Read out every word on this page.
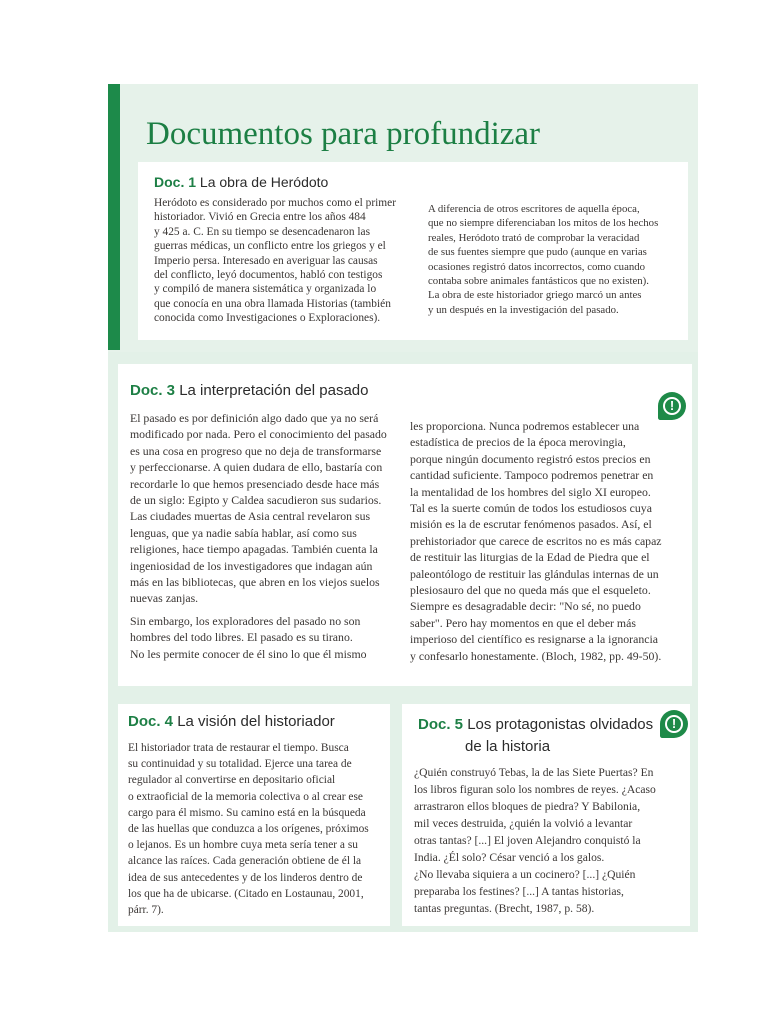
Documentos para profundizar
Doc. 1 La obra de Heródoto
Heródoto es considerado por muchos como el primer
historiador. Vivió en Grecia entre los años 484
y 425 a. C. En su tiempo se desencadenaron las
guerras médicas, un conflicto entre los griegos y el
Imperio persa. Interesado en averiguar las causas
del conflicto, leyó documentos, habló con testigos
y compiló de manera sistemática y organizada lo
que conocía en una obra llamada Historias (también
conocida como Investigaciones o Exploraciones).
A diferencia de otros escritores de aquella época,
que no siempre diferenciaban los mitos de los hechos
reales, Heródoto trató de comprobar la veracidad
de sus fuentes siempre que pudo (aunque en varias
ocasiones registró datos incorrectos, como cuando
contaba sobre animales fantásticos que no existen).
La obra de este historiador griego marcó un antes
y un después en la investigación del pasado.
Doc. 3 La interpretación del pasado
!
El pasado es por definición algo dado que ya no será
modificado por nada. Pero el conocimiento del pasado
es una cosa en progreso que no deja de transformarse
y perfeccionarse. A quien dudara de ello, bastaría con
recordarle lo que hemos presenciado desde hace más
de un siglo: Egipto y Caldea sacudieron sus sudarios.
Las ciudades muertas de Asia central revelaron sus
lenguas, que ya nadie sabía hablar, así como sus
religiones, hace tiempo apagadas. También cuenta la
ingeniosidad de los investigadores que indagan aún
más en las bibliotecas, que abren en los viejos suelos
nuevas zanjas.
Sin embargo, los exploradores del pasado no son
hombres del todo libres. El pasado es su tirano.
No les permite conocer de él sino lo que él mismo
les proporciona. Nunca podremos establecer una
estadística de precios de la época merovingia,
porque ningún documento registró estos precios en
cantidad suficiente. Tampoco podremos penetrar en
la mentalidad de los hombres del siglo XI europeo.
Tal es la suerte común de todos los estudiosos cuya
misión es la de escrutar fenómenos pasados. Así, el
prehistoriador que carece de escritos no es más capaz
de restituir las liturgias de la Edad de Piedra que el
paleontólogo de restituir las glándulas internas de un
plesiosauro del que no queda más que el esqueleto.
Siempre es desagradable decir: "No sé, no puedo
saber". Pero hay momentos en que el deber más
imperioso del científico es resignarse a la ignorancia
y confesarlo honestamente. (Bloch, 1982, pp. 49-50).
Doc. 4 La visión del historiador
El historiador trata de restaurar el tiempo. Busca
su continuidad y su totalidad. Ejerce una tarea de
regulador al convertirse en depositario oficial
o extraoficial de la memoria colectiva o al crear ese
cargo para él mismo. Su camino está en la búsqueda
de las huellas que conduzca a los orígenes, próximos
o lejanos. Es un hombre cuya meta sería tener a su
alcance las raíces. Cada generación obtiene de él la
idea de sus antecedentes y de los linderos dentro de
los que ha de ubicarse. (Citado en Lostaunau, 2001,
párr. 7).
Doc. 5 Los protagonistas olvidados
de la historia
!
¿Quién construyó Tebas, la de las Siete Puertas? En
los libros figuran solo los nombres de reyes. ¿Acaso
arrastraron ellos bloques de piedra? Y Babilonia,
mil veces destruida, ¿quién la volvió a levantar
otras tantas? [...] El joven Alejandro conquistó la
India. ¿Él solo? César venció a los galos.
¿No llevaba siquiera a un cocinero? [...] ¿Quién
preparaba los festines? [...] A tantas historias,
tantas preguntas. (Brecht, 1987, p. 58).
